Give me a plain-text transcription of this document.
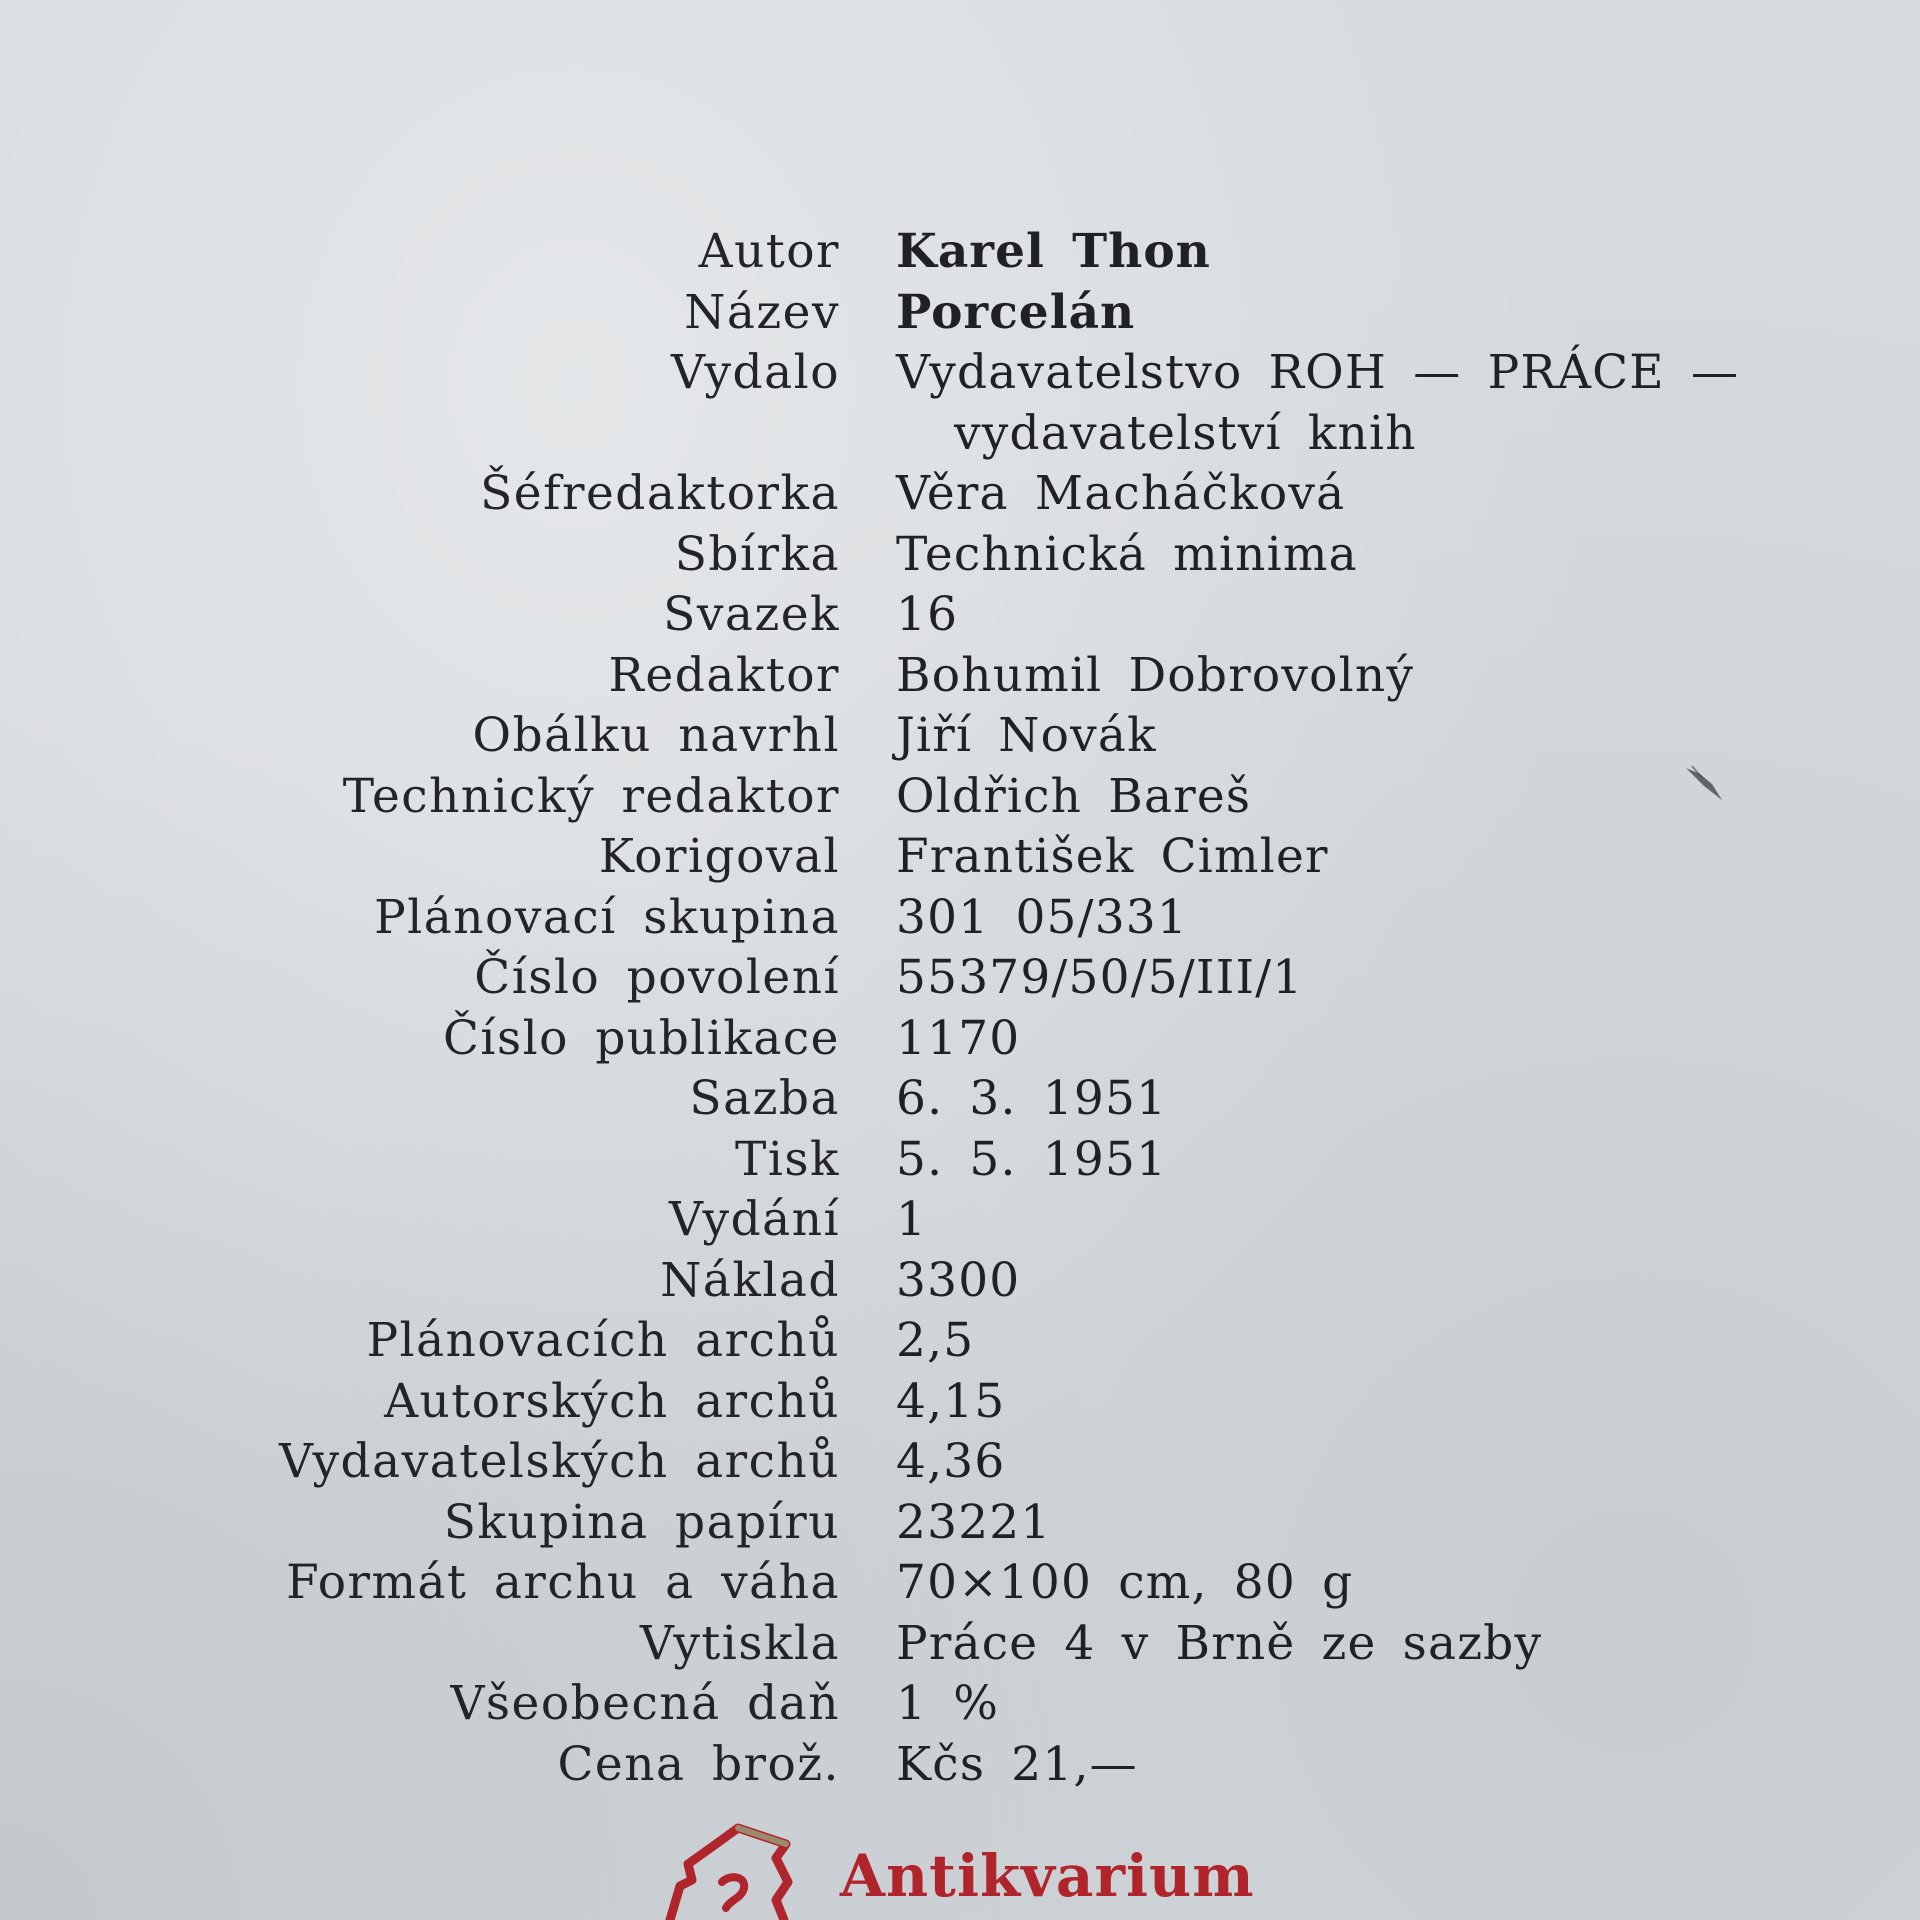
Autor Karel Thon
Název Porcelán
Vydalo Vydavatelstvo ROH — PRÁCE —
vydavatelství knih
Šéfredaktorka Věra Macháčková
Sbírka Technická minima
Svazek 16
Redaktor Bohumil Dobrovolný
Obálku navrhl Jiří Novák
Technický redaktor Oldřich Bareš
Korigoval František Cimler
Plánovací skupina 301 05/331
Číslo povolení 55379/50/5/III/1
Číslo publikace 1170
Sazba 6. 3. 1951
Tisk 5. 5. 1951
Vydání 1
Náklad 3300
Plánovacích archů 2,5
Autorských archů 4,15
Vydavatelských archů 4,36
Skupina papíru 23221
Formát archu a váha 70×100 cm, 80 g
Vytiskla Práce 4 v Brně ze sazby
Všeobecná daň 1 %
Cena brož. Kčs 21,—
Antikvarium
